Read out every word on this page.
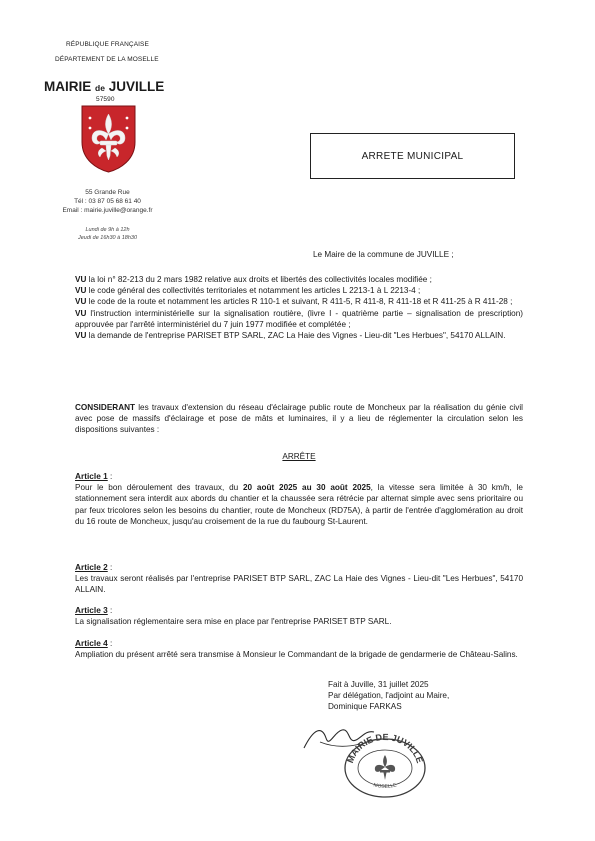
RÉPUBLIQUE FRANÇAISE
DÉPARTEMENT DE LA MOSELLE
MAIRIE de JUVILLE
57590
55 Grande Rue
Tél : 03 87 05 68 61 40
Email : mairie.juville@orange.fr
Lundi de 9h à 12h
Jeudi de 16h30 à 18h30
ARRETE MUNICIPAL
Le Maire de la commune de JUVILLE ;
VU la loi n° 82-213 du 2 mars 1982 relative aux droits et libertés des collectivités locales modifiée ;
VU le code général des collectivités territoriales et notamment les articles L 2213-1 à L 2213-4 ;
VU le code de la route et notamment les articles R 110-1 et suivant, R 411-5, R 411-8, R 411-18 et R 411-25 à R 411-28 ;
VU l'instruction interministérielle sur la signalisation routière, (livre I - quatrième partie – signalisation de prescription) approuvée par l'arrêté interministériel du 7 juin 1977 modifiée et complétée ;
VU la demande de l'entreprise PARISET BTP SARL, ZAC La Haie des Vignes - Lieu-dit "Les Herbues", 54170 ALLAIN.
CONSIDERANT les travaux d'extension du réseau d'éclairage public route de Moncheux par la réalisation du génie civil avec pose de massifs d'éclairage et pose de mâts et luminaires, il y a lieu de réglementer la circulation selon les dispositions suivantes :
ARRÊTE
Article 1 :
Pour le bon déroulement des travaux, du 20 août 2025 au 30 août 2025, la vitesse sera limitée à 30 km/h, le stationnement sera interdit aux abords du chantier et la chaussée sera rétrécie par alternat simple avec sens prioritaire ou par feux tricolores selon les besoins du chantier, route de Moncheux (RD75A), à partir de l'entrée d'agglomération au droit du 16 route de Moncheux, jusqu'au croisement de la rue du faubourg St-Laurent.
Article 2 :
Les travaux seront réalisés par l'entreprise PARISET BTP SARL, ZAC La Haie des Vignes - Lieu-dit "Les Herbues", 54170 ALLAIN.
Article 3 :
La signalisation réglementaire sera mise en place par l'entreprise PARISET BTP SARL.
Article 4 :
Ampliation du présent arrêté sera transmise à Monsieur le Commandant de la brigade de gendarmerie de Château-Salins.
Fait à Juville, 31 juillet 2025
Par délégation, l'adjoint au Maire,
Dominique FARKAS
MAIRIE DE JUVILLE
MOSELLE
